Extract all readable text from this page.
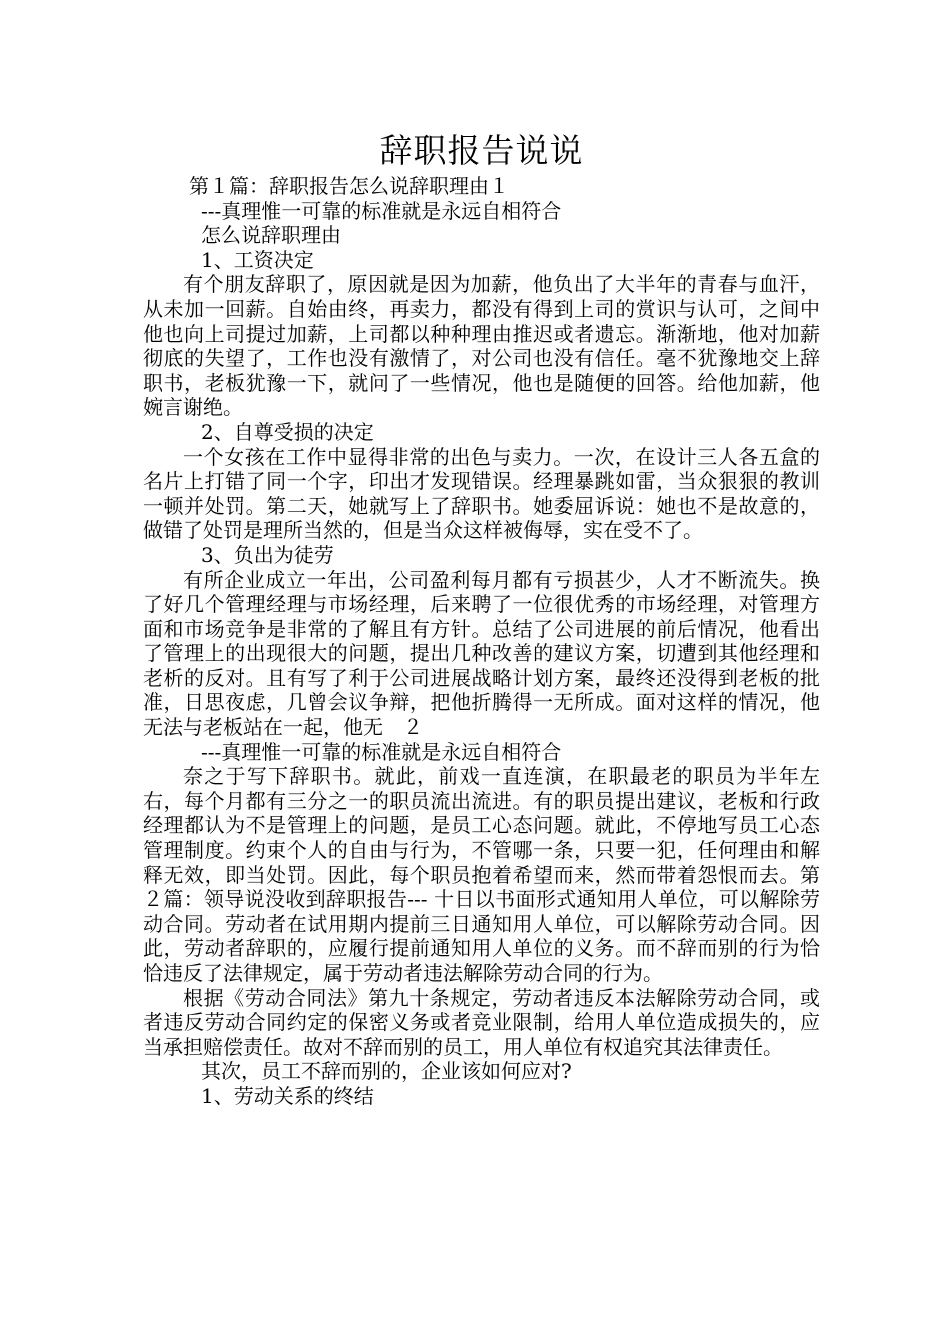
辞职报告说说
第１篇：辞职报告怎么说辞职理由１
---真理惟一可靠的标准就是永远自相符合
怎么说辞职理由
1、工资决定
有个朋友辞职了，原因就是因为加薪，他负出了大半年的青春与血汗，从未加一回薪。自始由终，再卖力，都没有得到上司的赏识与认可，之间中他也向上司提过加薪，上司都以种种理由推迟或者遗忘。渐渐地，他对加薪彻底的失望了，工作也没有激情了，对公司也没有信任。毫不犹豫地交上辞职书，老板犹豫一下，就问了一些情况，他也是随便的回答。给他加薪，他婉言谢绝。
2、自尊受损的决定
一个女孩在工作中显得非常的出色与卖力。一次，在设计三人各五盒的名片上打错了同一个字，印出才发现错误。经理暴跳如雷，当众狠狠的教训一顿并处罚。第二天，她就写上了辞职书。她委屈诉说：她也不是故意的，做错了处罚是理所当然的，但是当众这样被侮辱，实在受不了。
3、负出为徒劳
有所企业成立一年出，公司盈利每月都有亏损甚少，人才不断流失。换了好几个管理经理与市场经理，后来聘了一位很优秀的市场经理，对管理方面和市场竞争是非常的了解且有方针。总结了公司进展的前后情况，他看出了管理上的出现很大的问题，提出几种改善的建议方案，切遭到其他经理和老析的反对。且有写了利于公司进展战略计划方案，最终还没得到老板的批准，日思夜虑，几曾会议争辩，把他折腾得一无所成。面对这样的情况，他无法与老板站在一起，他无　２
---真理惟一可靠的标准就是永远自相符合
奈之于写下辞职书。就此，前戏一直连演，在职最老的职员为半年左右，每个月都有三分之一的职员流出流进。有的职员提出建议，老板和行政经理都认为不是管理上的问题，是员工心态问题。就此，不停地写员工心态管理制度。约束个人的自由与行为，不管哪一条，只要一犯，任何理由和解释无效，即当处罚。因此，每个职员抱着希望而来，然而带着怨恨而去。第２篇：领导说没收到辞职报告--- 十日以书面形式通知用人单位，可以解除劳动合同。劳动者在试用期内提前三日通知用人单位，可以解除劳动合同。因此，劳动者辞职的，应履行提前通知用人单位的义务。而不辞而别的行为恰恰违反了法律规定，属于劳动者违法解除劳动合同的行为。
根据《劳动合同法》第九十条规定，劳动者违反本法解除劳动合同，或者违反劳动合同约定的保密义务或者竞业限制，给用人单位造成损失的，应当承担赔偿责任。故对不辞而别的员工，用人单位有权追究其法律责任。
其次，员工不辞而别的，企业该如何应对?
1、劳动关系的终结
